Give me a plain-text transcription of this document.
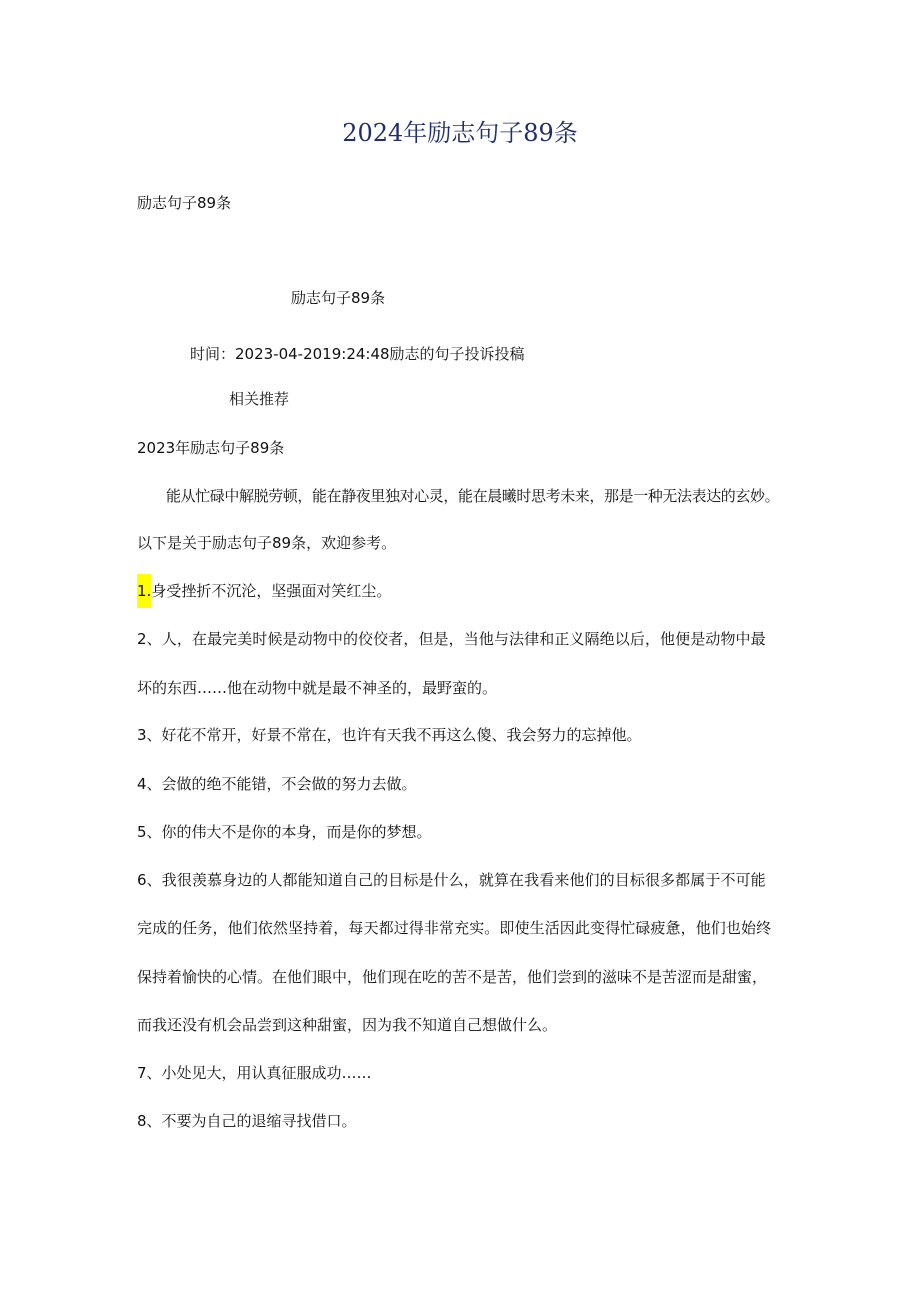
2024年励志句子89条
励志句子89条
励志句子89条
时间：2023-04-2019:24:48励志的句子投诉投稿
相关推荐
2023年励志句子89条
能从忙碌中解脱劳顿，能在静夜里独对心灵，能在晨曦时思考未来，那是一种无法表达的玄妙。
以下是关于励志句子89条，欢迎参考。
1.身受挫折不沉沦，坚强面对笑红尘。
2、人，在最完美时候是动物中的佼佼者，但是，当他与法律和正义隔绝以后，他便是动物中最
坏的东西……他在动物中就是最不神圣的，最野蛮的。
3、好花不常开，好景不常在，也许有天我不再这么傻、我会努力的忘掉他。
4、会做的绝不能错，不会做的努力去做。
5、你的伟大不是你的本身，而是你的梦想。
6、我很羡慕身边的人都能知道自己的目标是什么，就算在我看来他们的目标很多都属于不可能
完成的任务，他们依然坚持着，每天都过得非常充实。即使生活因此变得忙碌疲惫，他们也始终
保持着愉快的心情。在他们眼中，他们现在吃的苦不是苦，他们尝到的滋味不是苦涩而是甜蜜，
而我还没有机会品尝到这种甜蜜，因为我不知道自己想做什么。
7、小处见大，用认真征服成功……
8、不要为自己的退缩寻找借口。
